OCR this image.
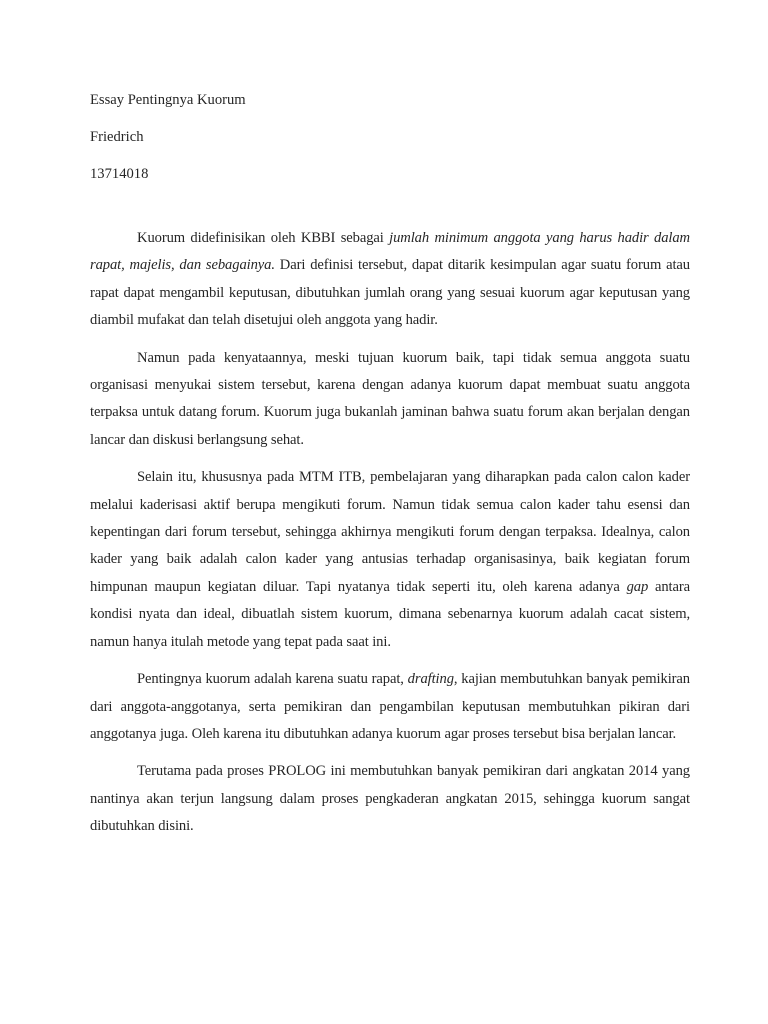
Essay Pentingnya Kuorum
Friedrich
13714018

Kuorum didefinisikan oleh KBBI sebagai jumlah minimum anggota yang harus hadir dalam rapat, majelis, dan sebagainya. Dari definisi tersebut, dapat ditarik kesimpulan agar suatu forum atau rapat dapat mengambil keputusan, dibutuhkan jumlah orang yang sesuai kuorum agar keputusan yang diambil mufakat dan telah disetujui oleh anggota yang hadir.

Namun pada kenyataannya, meski tujuan kuorum baik, tapi tidak semua anggota suatu organisasi menyukai sistem tersebut, karena dengan adanya kuorum dapat membuat suatu anggota terpaksa untuk datang forum. Kuorum juga bukanlah jaminan bahwa suatu forum akan berjalan dengan lancar dan diskusi berlangsung sehat.

Selain itu, khususnya pada MTM ITB, pembelajaran yang diharapkan pada calon calon kader melalui kaderisasi aktif berupa mengikuti forum. Namun tidak semua calon kader tahu esensi dan kepentingan dari forum tersebut, sehingga akhirnya mengikuti forum dengan terpaksa. Idealnya, calon kader yang baik adalah calon kader yang antusias terhadap organisasinya, baik kegiatan forum himpunan maupun kegiatan diluar. Tapi nyatanya tidak seperti itu, oleh karena adanya gap antara kondisi nyata dan ideal, dibuatlah sistem kuorum, dimana sebenarnya kuorum adalah cacat sistem, namun hanya itulah metode yang tepat pada saat ini.

Pentingnya kuorum adalah karena suatu rapat, drafting, kajian membutuhkan banyak pemikiran dari anggota-anggotanya, serta pemikiran dan pengambilan keputusan membutuhkan pikiran dari anggotanya juga. Oleh karena itu dibutuhkan adanya kuorum agar proses tersebut bisa berjalan lancar.

Terutama pada proses PROLOG ini membutuhkan banyak pemikiran dari angkatan 2014 yang nantinya akan terjun langsung dalam proses pengkaderan angkatan 2015, sehingga kuorum sangat dibutuhkan disini.
